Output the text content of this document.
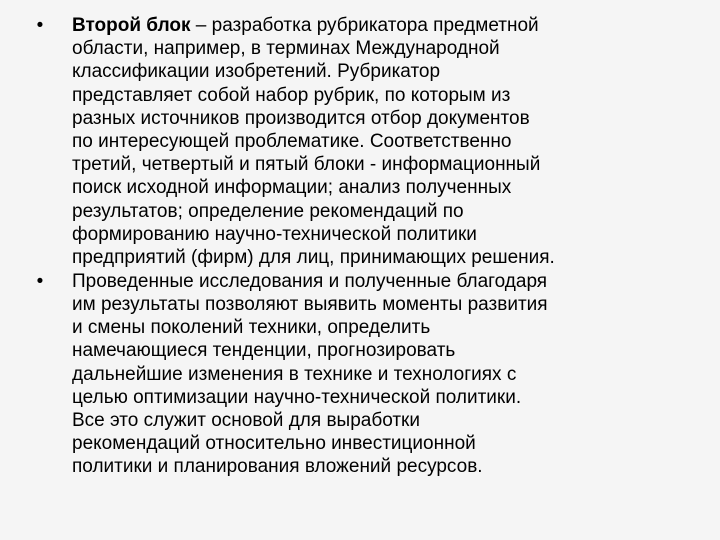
•	Второй блок – разработка рубрикатора предметной
области, например, в терминах Международной
классификации изобретений. Рубрикатор
представляет собой набор рубрик, по которым из
разных источников производится отбор документов
по интересующей проблематике. Соответственно
третий, четвертый и пятый блоки - информационный
поиск исходной информации; анализ полученных
результатов; определение рекомендаций по
формированию научно-технической политики
предприятий (фирм) для лиц, принимающих решения.
•	Проведенные исследования и полученные благодаря
им результаты позволяют выявить моменты развития
и смены поколений техники, определить
намечающиеся тенденции, прогнозировать
дальнейшие изменения в технике и технологиях с
целью оптимизации научно-технической политики.
Все это служит основой для выработки
рекомендаций относительно инвестиционной
политики и планирования вложений ресурсов.
